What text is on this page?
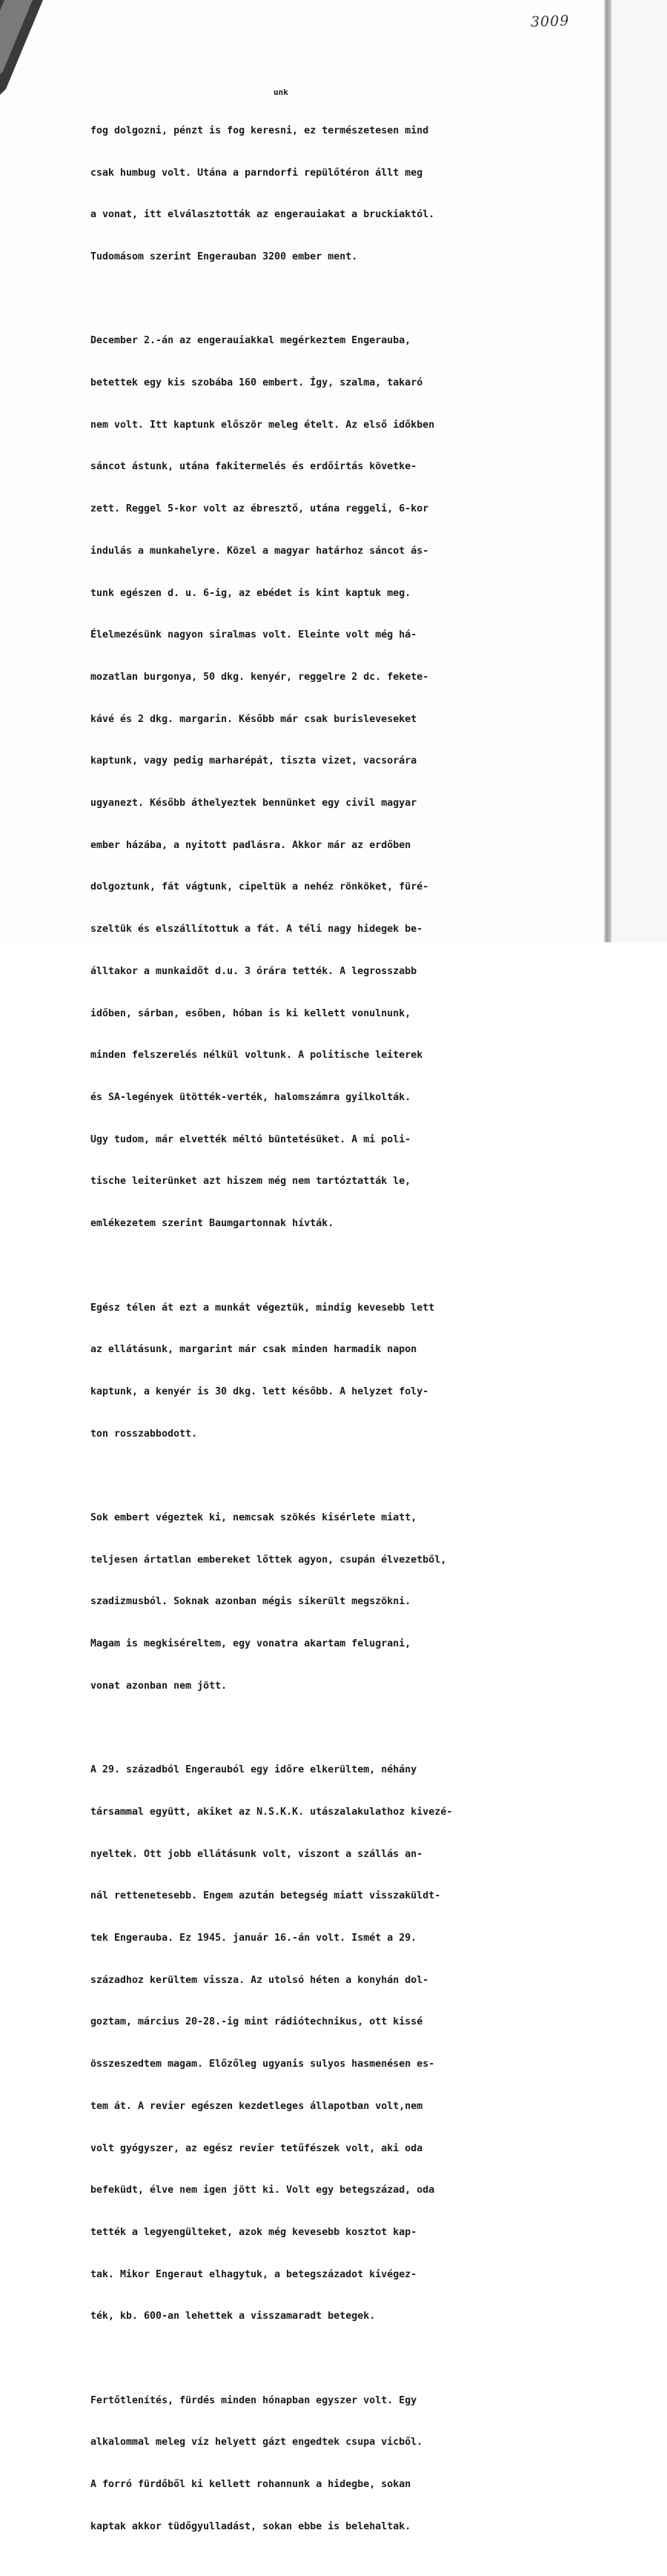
3009
unk

fog dolgozni, pénzt is fog keresni, ez természetesen mind

csak humbug volt. Utána a parndorfi repülőtéron állt meg

a vonat, itt elválasztották az engerauiakat a bruckiaktól.

Tudomásom szerint Engerauban 3200 ember ment.

December 2.-án az engerauiakkal megérkeztem Engerauba,

betettek egy kis szobába 160 embert. Így, szalma, takaró

nem volt. Itt kaptunk először meleg ételt. Az első időkben

sáncot ástunk, utána fakitermelés és erdőirtás követke-

zett. Reggel 5-kor volt az ébresztő, utána reggeli, 6-kor

indulás a munkahelyre. Közel a magyar határhoz sáncot ás-

tunk egészen d. u. 6-ig, az ebédet is kint kaptuk meg.

Élelmezésünk nagyon siralmas volt. Eleinte volt még há-

mozatlan burgonya, 50 dkg. kenyér, reggelre 2 dc. fekete-

kávé és 2 dkg. margarin. Később már csak burisleveseket

kaptunk, vagy pedig marharépát, tiszta vizet, vacsorára

ugyanezt. Később áthelyeztek bennünket egy civil magyar

ember házába, a nyitott padlásra. Akkor már az erdőben

dolgoztunk, fát vágtunk, cipeltük a nehéz rönköket, füré-

szeltük és elszállítottuk a fát. A téli nagy hidegek be-

álltakor a munkaidőt d.u. 3 órára tették. A legrosszabb

időben, sárban, esőben, hóban is ki kellett vonulnunk,

minden felszerelés nélkül voltunk. A politische leiterek

és SA-legények ütötték-verték, halomszámra gyilkolták.

Ugy tudom, már elvették méltó büntetésüket. A mi poli-

tische leiterünket azt hiszem még nem tartóztatták le,

emlékezetem szerint Baumgartonnak hívták.

Egész télen át ezt a munkát végeztük, mindig kevesebb lett

az ellátásunk, margarint már csak minden harmadik napon

kaptunk, a kenyér is 30 dkg. lett később. A helyzet foly-

ton rosszabbodott.

Sok embert végeztek ki, nemcsak szökés kisérlete miatt,

teljesen ártatlan embereket lőttek agyon, csupán élvezetből,

szadizmusból. Soknak azonban mégis sikerült megszökni.

Magam is megkiséreltem, egy vonatra akartam felugrani,

vonat azonban nem jött.

A 29. századból Engerauból egy időre elkerültem, néhány

társammal együtt, akiket az N.S.K.K. utászalakulathoz kivezé-

nyeltek. Ott jobb ellátásunk volt, viszont a szállás an-

nál rettenetesebb. Engem azután betegség miatt visszaküldt-

tek Engerauba. Ez 1945. január 16.-án volt. Ismét a 29.

századhoz kerültem vissza. Az utolsó héten a konyhán dol-

goztam, március 20-28.-ig mint rádiótechnikus, ott kissé

összeszedtem magam. Előzőleg ugyanis sulyos hasmenésen es-

tem át. A revier egészen kezdetleges állapotban volt,nem

volt gyógyszer, az egész revier tetűfészek volt, aki oda

befeküdt, élve nem igen jött ki. Volt egy betegszázad, oda

tették a legyengülteket, azok még kevesebb kosztot kap-

tak. Mikor Engeraut elhagytuk, a betegszázadot kivégez-

ték, kb. 600-an lehettek a visszamaradt betegek.

Fertőtlenítés, fürdés minden hónapban egyszer volt. Egy

alkalommal meleg víz helyett gázt engedtek csupa vicből.

A forró fürdőből ki kellett rohannunk a hidegbe, sokan

kaptak akkor tüdőgyulladást, sokan ebbe is belehaltak.
